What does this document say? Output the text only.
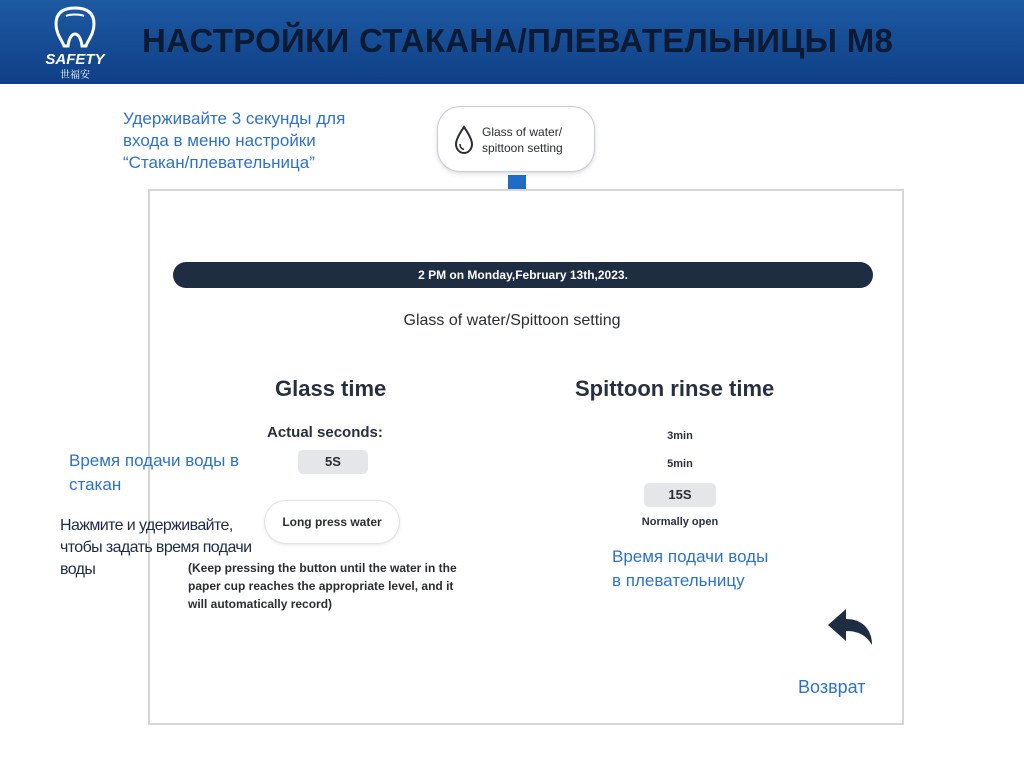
SAFETY
世福安
НАСТРОЙКИ СТАКАНА/ПЛЕВАТЕЛЬНИЦЫ М8
Удерживайте 3 секунды для
входа в меню настройки
“Стакан/плевательница”
Glass of water/
spittoon setting
2 PM on Monday,February 13th,2023.
Glass of water/Spittoon setting
Glass time
Actual seconds:
5S
Время подачи воды в
стакан
Long press water
Нажмите и удерживайте,
чтобы задать время подачи
воды	(Keep pressing the button until the water in the
paper cup reaches the appropriate level, and it
will automatically record)
Spittoon rinse time
3min
5min
15S
Normally open
Время подачи воды
в плевательницу
Возврат
